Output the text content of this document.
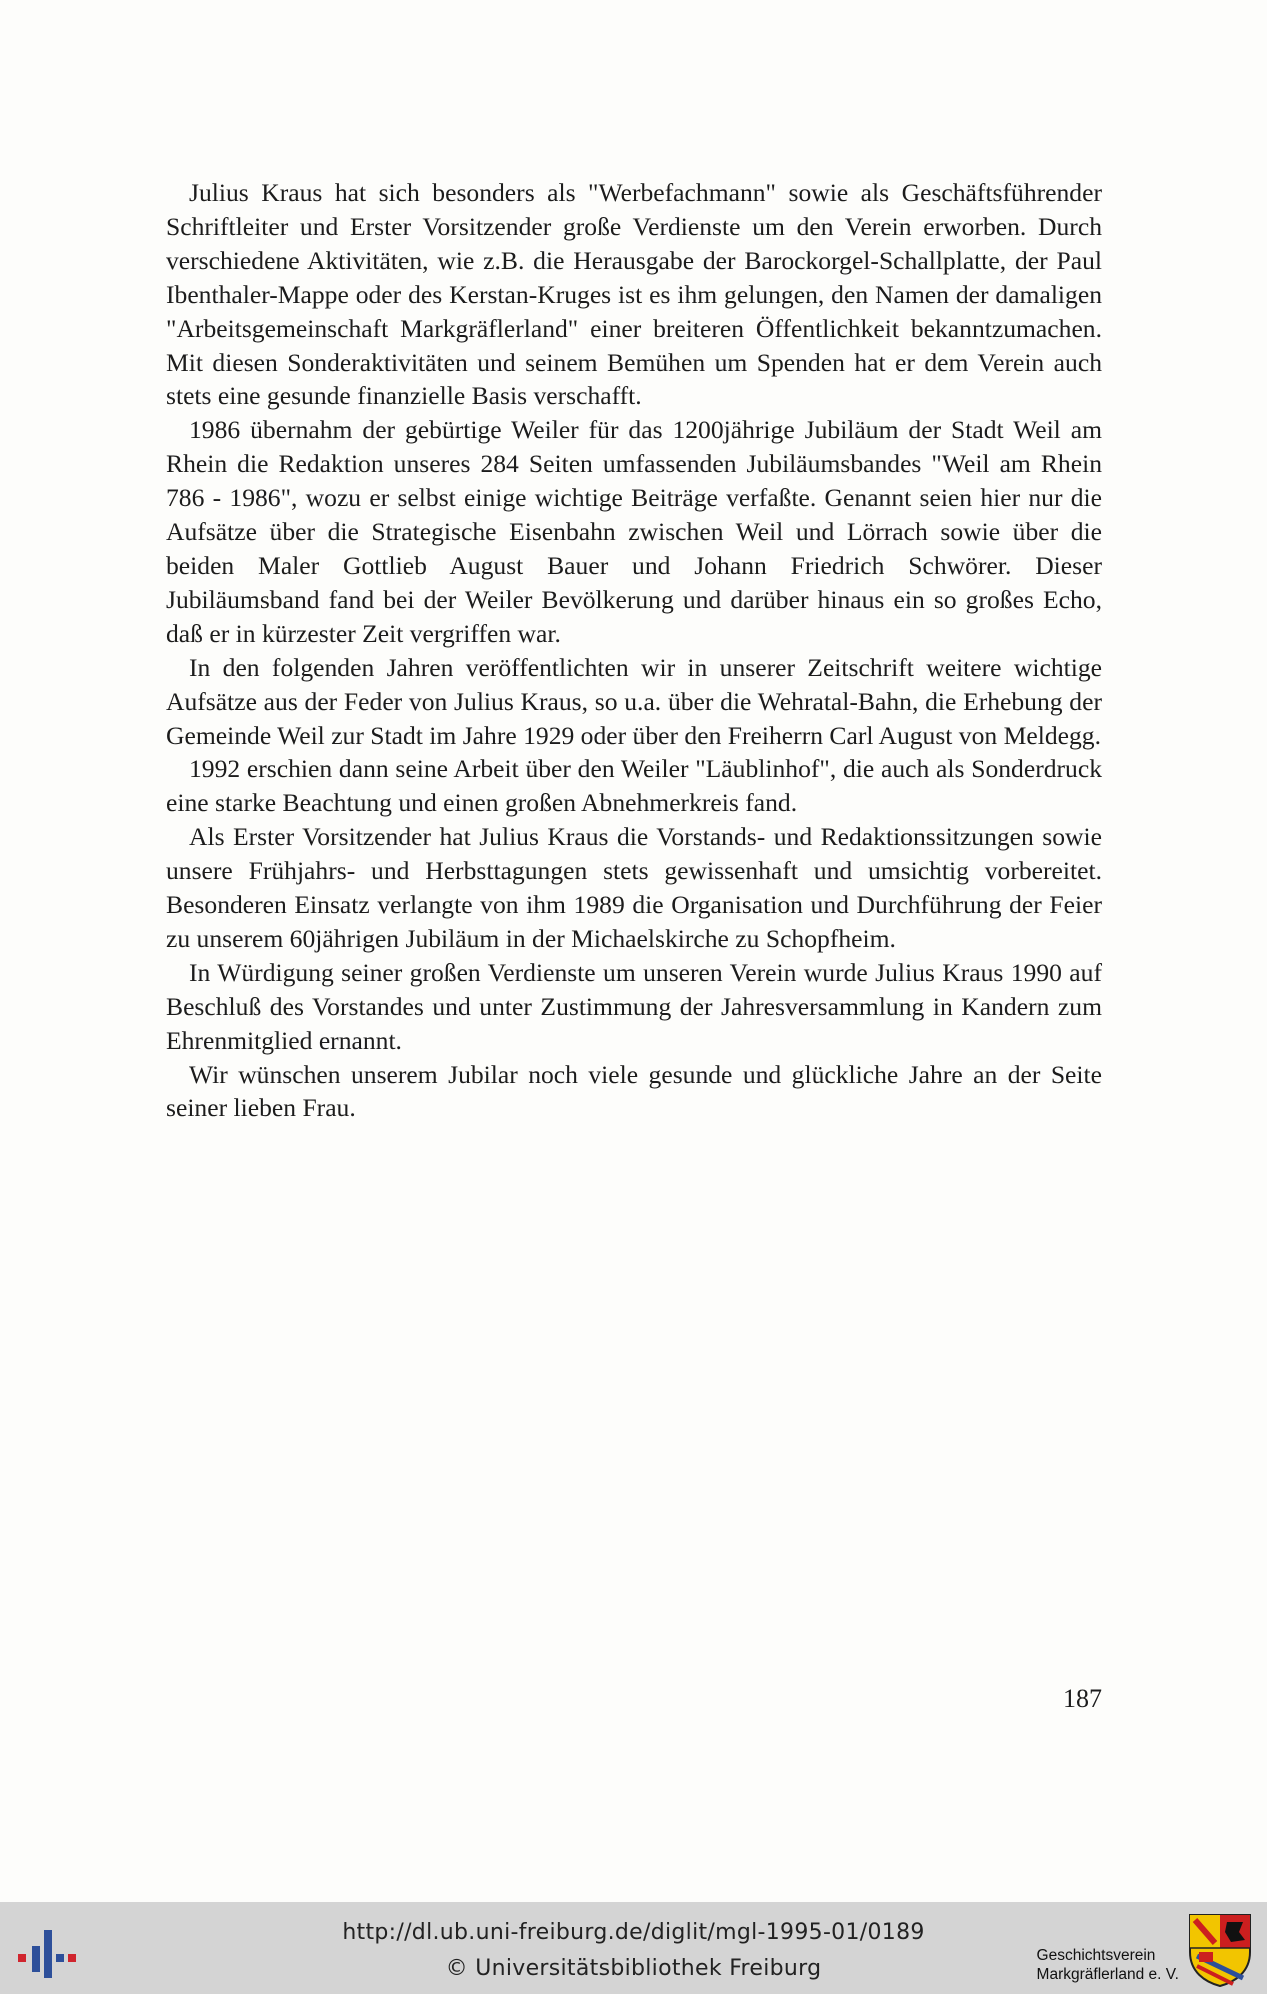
Julius Kraus hat sich besonders als "Werbefachmann" sowie als Geschäftsführender Schriftleiter und Erster Vorsitzender große Verdienste um den Verein erworben. Durch verschiedene Aktivitäten, wie z.B. die Herausgabe der Barockorgel-Schallplatte, der Paul Ibenthaler-Mappe oder des Kerstan-Kruges ist es ihm gelungen, den Namen der damaligen "Arbeitsgemeinschaft Markgräflerland" einer breiteren Öffentlichkeit bekanntzumachen. Mit diesen Sonderaktivitäten und seinem Bemühen um Spenden hat er dem Verein auch stets eine gesunde finanzielle Basis verschafft.

1986 übernahm der gebürtige Weiler für das 1200jährige Jubiläum der Stadt Weil am Rhein die Redaktion unseres 284 Seiten umfassenden Jubiläumsbandes "Weil am Rhein 786 - 1986", wozu er selbst einige wichtige Beiträge verfaßte. Genannt seien hier nur die Aufsätze über die Strategische Eisenbahn zwischen Weil und Lörrach sowie über die beiden Maler Gottlieb August Bauer und Johann Friedrich Schwörer. Dieser Jubiläumsband fand bei der Weiler Bevölkerung und darüber hinaus ein so großes Echo, daß er in kürzester Zeit vergriffen war.

In den folgenden Jahren veröffentlichten wir in unserer Zeitschrift weitere wichtige Aufsätze aus der Feder von Julius Kraus, so u.a. über die Wehratal-Bahn, die Erhebung der Gemeinde Weil zur Stadt im Jahre 1929 oder über den Freiherrn Carl August von Meldegg.

1992 erschien dann seine Arbeit über den Weiler "Läublinhof", die auch als Sonderdruck eine starke Beachtung und einen großen Abnehmerkreis fand.

Als Erster Vorsitzender hat Julius Kraus die Vorstands- und Redaktionssitzungen sowie unsere Frühjahrs- und Herbsttagungen stets gewissenhaft und umsichtig vorbereitet. Besonderen Einsatz verlangte von ihm 1989 die Organisation und Durchführung der Feier zu unserem 60jährigen Jubiläum in der Michaelskirche zu Schopfheim.

In Würdigung seiner großen Verdienste um unseren Verein wurde Julius Kraus 1990 auf Beschluß des Vorstandes und unter Zustimmung der Jahresversammlung in Kandern zum Ehrenmitglied ernannt.

Wir wünschen unserem Jubilar noch viele gesunde und glückliche Jahre an der Seite seiner lieben Frau.

187
http://dl.ub.uni-freiburg.de/diglit/mgl-1995-01/0189
© Universitätsbibliothek Freiburg
Geschichtsverein
Markgräflerland e. V.
